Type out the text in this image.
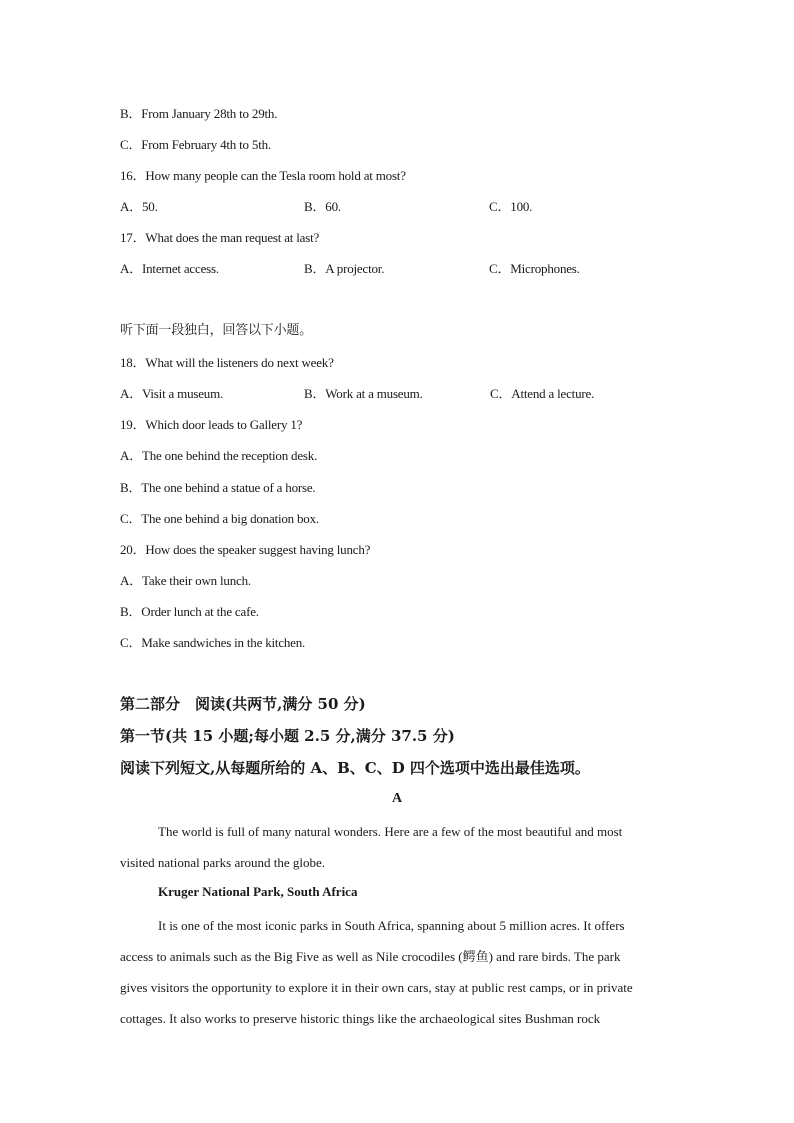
B．From January 28th to 29th.
C．From February 4th to 5th.
16．How many people can the Tesla room hold at most?
A．50.	B．60.	C．100.
17．What does the man request at last?
A．Internet access.	B．A projector.	C．Microphones.
听下面一段独白，回答以下小题。
18．What will the listeners do next week?
A．Visit a museum.	B．Work at a museum.	C．Attend a lecture.
19．Which door leads to Gallery 1?
A．The one behind the reception desk.
B．The one behind a statue of a horse.
C．The one behind a big donation box.
20．How does the speaker suggest having lunch?
A．Take their own lunch.
B．Order lunch at the cafe.
C．Make sandwiches in the kitchen.
第二部分　阅读(共两节,满分 50 分)
第一节(共 15 小题;每小题 2.5 分,满分 37.5 分)
阅读下列短文,从每题所给的 A、B、C、D 四个选项中选出最佳选项。
A
The world is full of many natural wonders. Here are a few of the most beautiful and most
visited national parks around the globe.
Kruger National Park, South Africa
It is one of the most iconic parks in South Africa, spanning about 5 million acres. It offers
access to animals such as the Big Five as well as Nile crocodiles (鳄鱼) and rare birds. The park
gives visitors the opportunity to explore it in their own cars, stay at public rest camps, or in private
cottages. It also works to preserve historic things like the archaeological sites Bushman rock
